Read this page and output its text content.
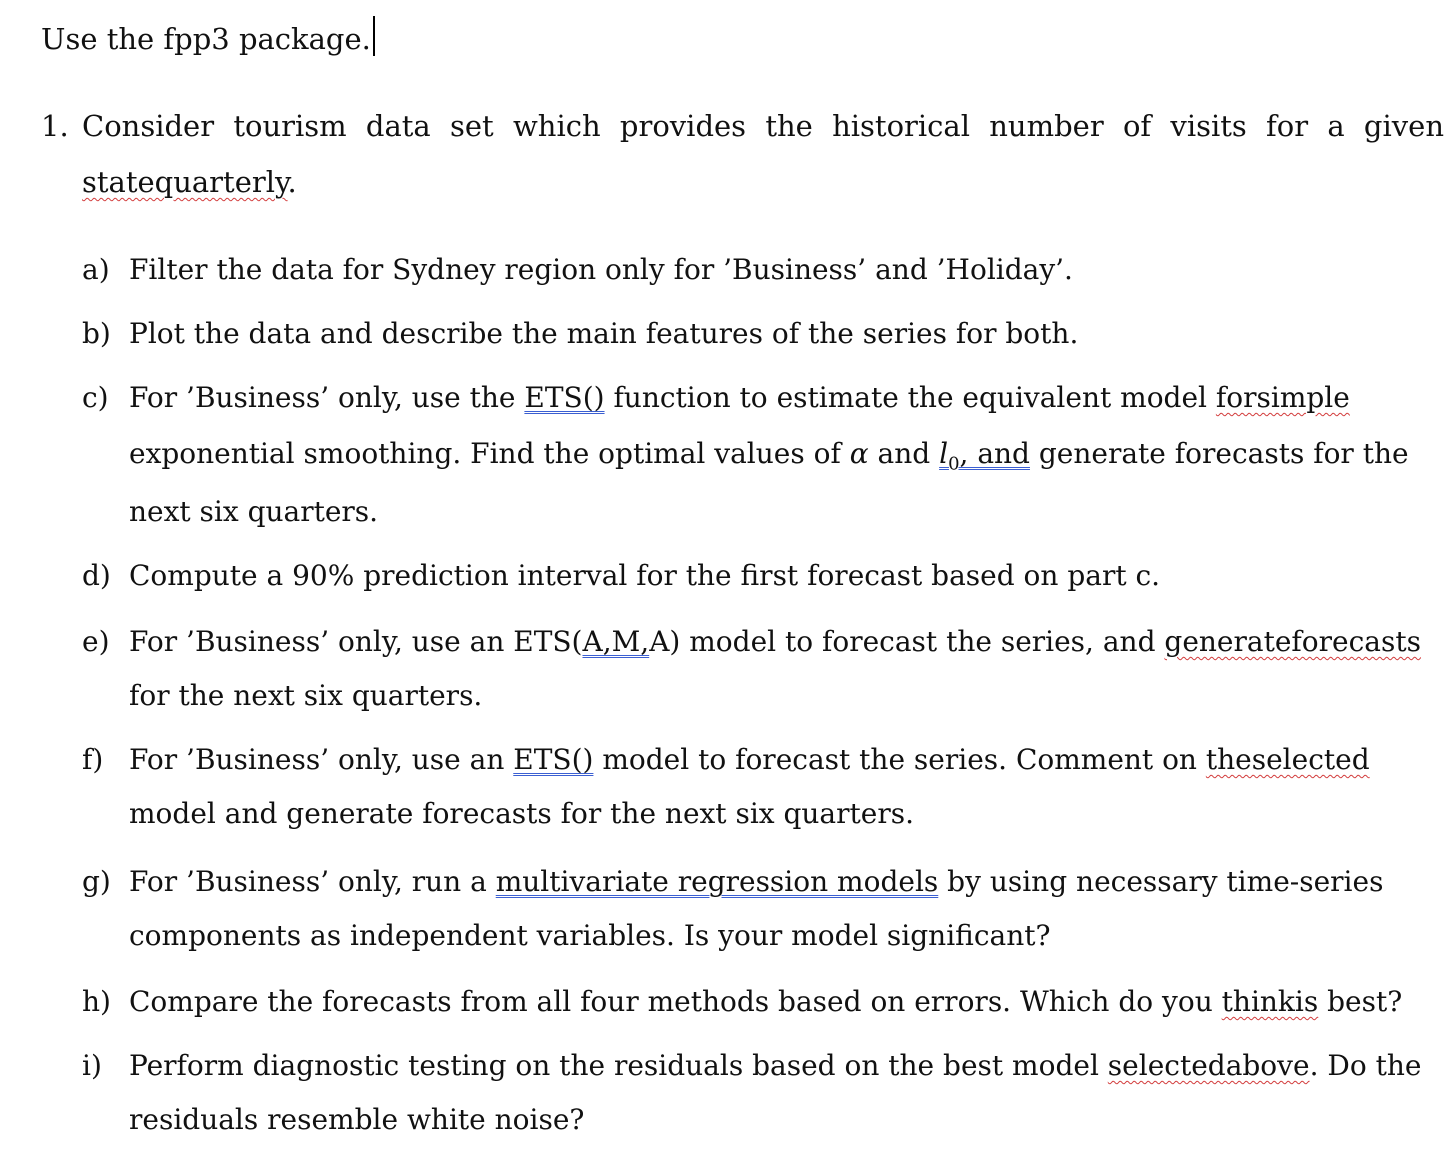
Use the fpp3 package.
1. Consider tourism data set which provides the historical number of visits for a given
statequarterly.
a) Filter the data for Sydney region only for ’Business’ and ’Holiday’.
b) Plot the data and describe the main features of the series for both.
c) For ’Business’ only, use the ETS() function to estimate the equivalent model forsimple
exponential smoothing. Find the optimal values of α and $l_0$, and generate forecasts for the
next six quarters.
d) Compute a 90% prediction interval for the first forecast based on part c.
e) For ’Business’ only, use an ETS(A,M,A) model to forecast the series, and generateforecasts
for the next six quarters.
f) For ’Business’ only, use an ETS() model to forecast the series. Comment on theselected
model and generate forecasts for the next six quarters.
g) For ’Business’ only, run a multivariate regression models by using necessary time-series
components as independent variables. Is your model significant?
h) Compare the forecasts from all four methods based on errors. Which do you thinkis best?
i) Perform diagnostic testing on the residuals based on the best model selectedabove. Do the
residuals resemble white noise?
